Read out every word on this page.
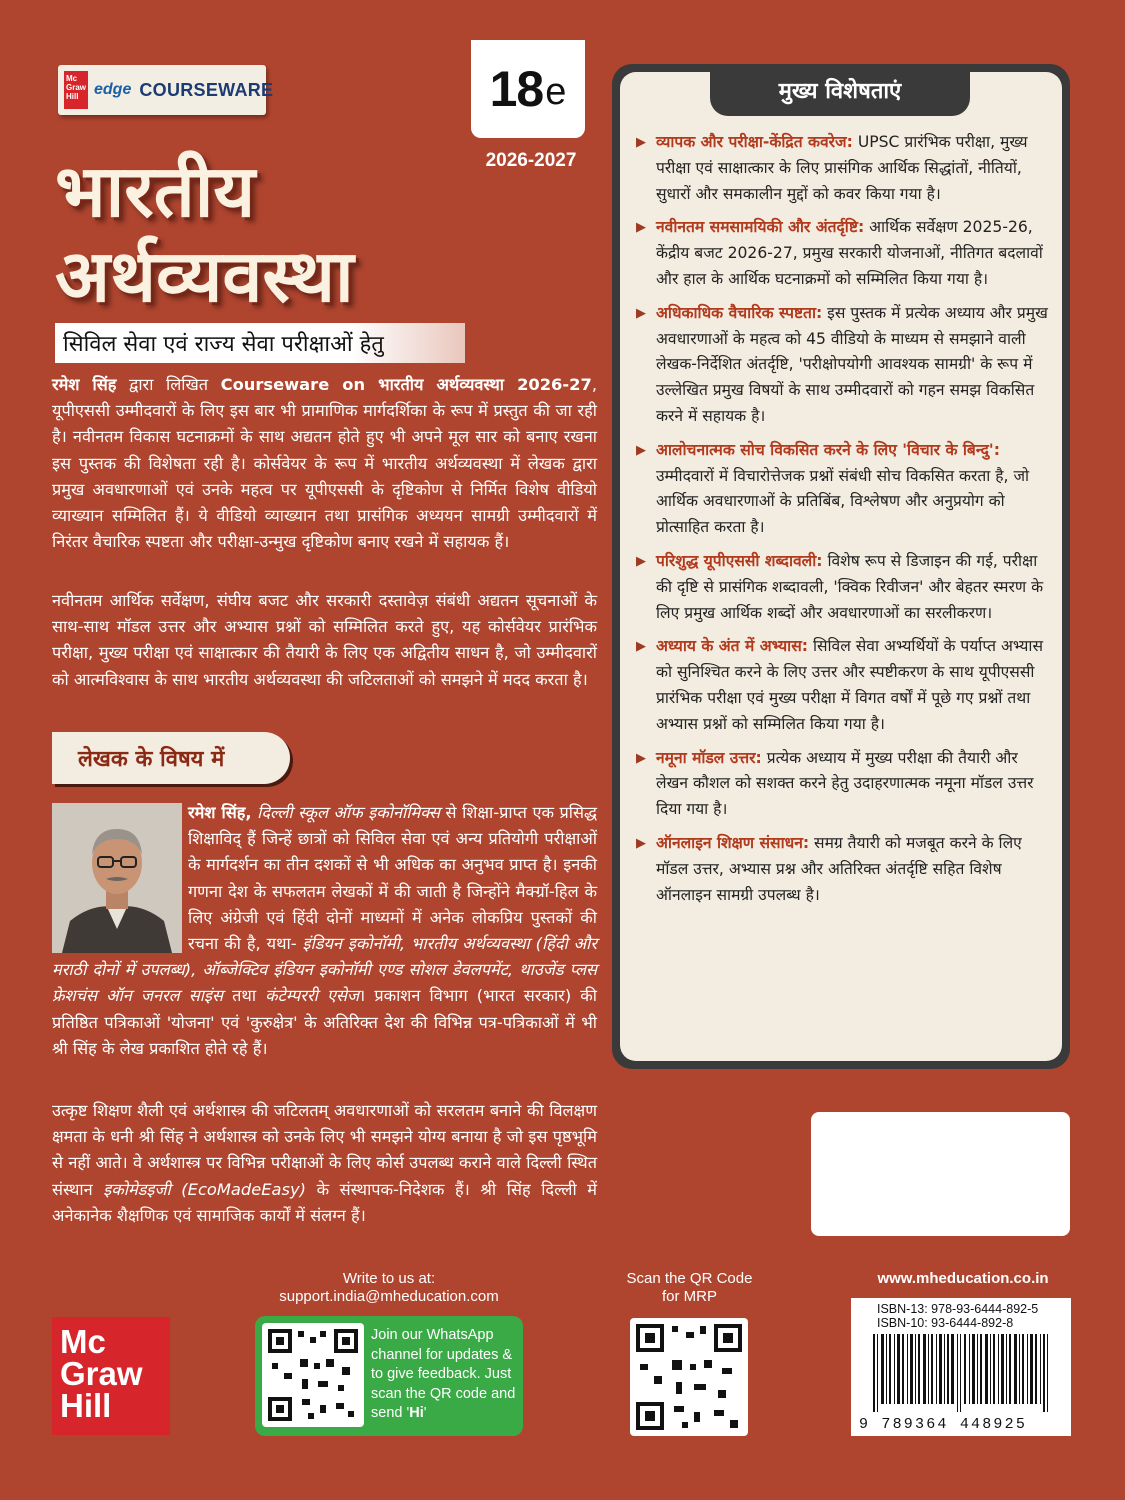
Mc Graw Hill edge COURSEWARE	18 e
2026-2027
भारतीय
अर्थव्यवस्था
सिविल सेवा एवं राज्य सेवा परीक्षाओं हेतु
रमेश सिंह द्वारा लिखित Courseware on भारतीय अर्थव्यवस्था 2026-27, यूपीएससी उम्मीदवारों के लिए इस बार भी प्रामाणिक मार्गदर्शिका के रूप में प्रस्तुत की जा रही है। नवीनतम विकास घटनाक्रमों के साथ अद्यतन होते हुए भी अपने मूल सार को बनाए रखना इस पुस्तक की विशेषता रही है। कोर्सवेयर के रूप में भारतीय अर्थव्यवस्था में लेखक द्वारा प्रमुख अवधारणाओं एवं उनके महत्व पर यूपीएससी के दृष्टिकोण से निर्मित विशेष वीडियो व्याख्यान सम्मिलित हैं। ये वीडियो व्याख्यान तथा प्रासंगिक अध्ययन सामग्री उम्मीदवारों में निरंतर वैचारिक स्पष्टता और परीक्षा-उन्मुख दृष्टिकोण बनाए रखने में सहायक हैं।
नवीनतम आर्थिक सर्वेक्षण, संघीय बजट और सरकारी दस्तावेज़ संबंधी अद्यतन सूचनाओं के साथ-साथ मॉडल उत्तर और अभ्यास प्रश्नों को सम्मिलित करते हुए, यह कोर्सवेयर प्रारंभिक परीक्षा, मुख्य परीक्षा एवं साक्षात्कार की तैयारी के लिए एक अद्वितीय साधन है, जो उम्मीदवारों को आत्मविश्वास के साथ भारतीय अर्थव्यवस्था की जटिलताओं को समझने में मदद करता है।
लेखक के विषय में
रमेश सिंह, दिल्ली स्कूल ऑफ इकोनॉमिक्स से शिक्षा-प्राप्त एक प्रसिद्ध शिक्षाविद् हैं जिन्हें छात्रों को सिविल सेवा एवं अन्य प्रतियोगी परीक्षाओं के मार्गदर्शन का तीन दशकों से भी अधिक का अनुभव प्राप्त है। इनकी गणना देश के सफलतम लेखकों में की जाती है जिन्होंने मैक्ग्रॉ-हिल के लिए अंग्रेजी एवं हिंदी दोनों माध्यमों में अनेक लोकप्रिय पुस्तकों की रचना की है, यथा- इंडियन इकोनॉमी, भारतीय अर्थव्यवस्था (हिंदी और मराठी दोनों में उपलब्ध), ऑब्जेक्टिव इंडियन इकोनॉमी एण्ड सोशल डेवलपमेंट, थाउजेंड प्लस फ्रेशचंस ऑन जनरल साइंस तथा कंटेम्पररी एसेज। प्रकाशन विभाग (भारत सरकार) की प्रतिष्ठित पत्रिकाओं 'योजना' एवं 'कुरुक्षेत्र' के अतिरिक्त देश की विभिन्न पत्र-पत्रिकाओं में भी श्री सिंह के लेख प्रकाशित होते रहे हैं।
उत्कृष्ट शिक्षण शैली एवं अर्थशास्त्र की जटिलतम् अवधारणाओं को सरलतम बनाने की विलक्षण क्षमता के धनी श्री सिंह ने अर्थशास्त्र को उनके लिए भी समझने योग्य बनाया है जो इस पृष्ठभूमि से नहीं आते। वे अर्थशास्त्र पर विभिन्न परीक्षाओं के लिए कोर्स उपलब्ध कराने वाले दिल्ली स्थित संस्थान इकोमेडइजी (EcoMadeEasy) के संस्थापक-निदेशक हैं। श्री सिंह दिल्ली में अनेकानेक शैक्षणिक एवं सामाजिक कार्यों में संलग्न हैं।
मुख्य विशेषताएं
▶ व्यापक और परीक्षा-केंद्रित कवरेज: UPSC प्रारंभिक परीक्षा, मुख्य परीक्षा एवं साक्षात्कार के लिए प्रासंगिक आर्थिक सिद्धांतों, नीतियों, सुधारों और समकालीन मुद्दों को कवर किया गया है।
▶ नवीनतम समसामयिकी और अंतर्दृष्टि: आर्थिक सर्वेक्षण 2025-26, केंद्रीय बजट 2026-27, प्रमुख सरकारी योजनाओं, नीतिगत बदलावों और हाल के आर्थिक घटनाक्रमों को सम्मिलित किया गया है।
▶ अधिकाधिक वैचारिक स्पष्टता: इस पुस्तक में प्रत्येक अध्याय और प्रमुख अवधारणाओं के महत्व को 45 वीडियो के माध्यम से समझाने वाली लेखक-निर्देशित अंतर्दृष्टि, 'परीक्षोपयोगी आवश्यक सामग्री' के रूप में उल्लेखित प्रमुख विषयों के साथ उम्मीदवारों को गहन समझ विकसित करने में सहायक है।
▶ आलोचनात्मक सोच विकसित करने के लिए 'विचार के बिन्दु': उम्मीदवारों में विचारोत्तेजक प्रश्नों संबंधी सोच विकसित करता है, जो आर्थिक अवधारणाओं के प्रतिबिंब, विश्लेषण और अनुप्रयोग को प्रोत्साहित करता है।
▶ परिशुद्ध यूपीएससी शब्दावली: विशेष रूप से डिजाइन की गई, परीक्षा की दृष्टि से प्रासंगिक शब्दावली, 'क्विक रिवीजन' और बेहतर स्मरण के लिए प्रमुख आर्थिक शब्दों और अवधारणाओं का सरलीकरण।
▶ अध्याय के अंत में अभ्यास: सिविल सेवा अभ्यर्थियों के पर्याप्त अभ्यास को सुनिश्चित करने के लिए उत्तर और स्पष्टीकरण के साथ यूपीएससी प्रारंभिक परीक्षा एवं मुख्य परीक्षा में विगत वर्षों में पूछे गए प्रश्नों तथा अभ्यास प्रश्नों को सम्मिलित किया गया है।
▶ नमूना मॉडल उत्तर: प्रत्येक अध्याय में मुख्य परीक्षा की तैयारी और लेखन कौशल को सशक्त करने हेतु उदाहरणात्मक नमूना मॉडल उत्तर दिया गया है।
▶ ऑनलाइन शिक्षण संसाधन: समग्र तैयारी को मजबूत करने के लिए मॉडल उत्तर, अभ्यास प्रश्न और अतिरिक्त अंतर्दृष्टि सहित विशेष ऑनलाइन सामग्री उपलब्ध है।
Write to us at:
support.india@mheducation.com
Scan the QR Code
for MRP
www.mheducation.co.in
Mc
Graw
Hill
Join our WhatsApp channel for updates & to give feedback. Just scan the QR code and send 'Hi'
ISBN-13: 978-93-6444-892-5
ISBN-10: 93-6444-892-8
9 789364 448925
